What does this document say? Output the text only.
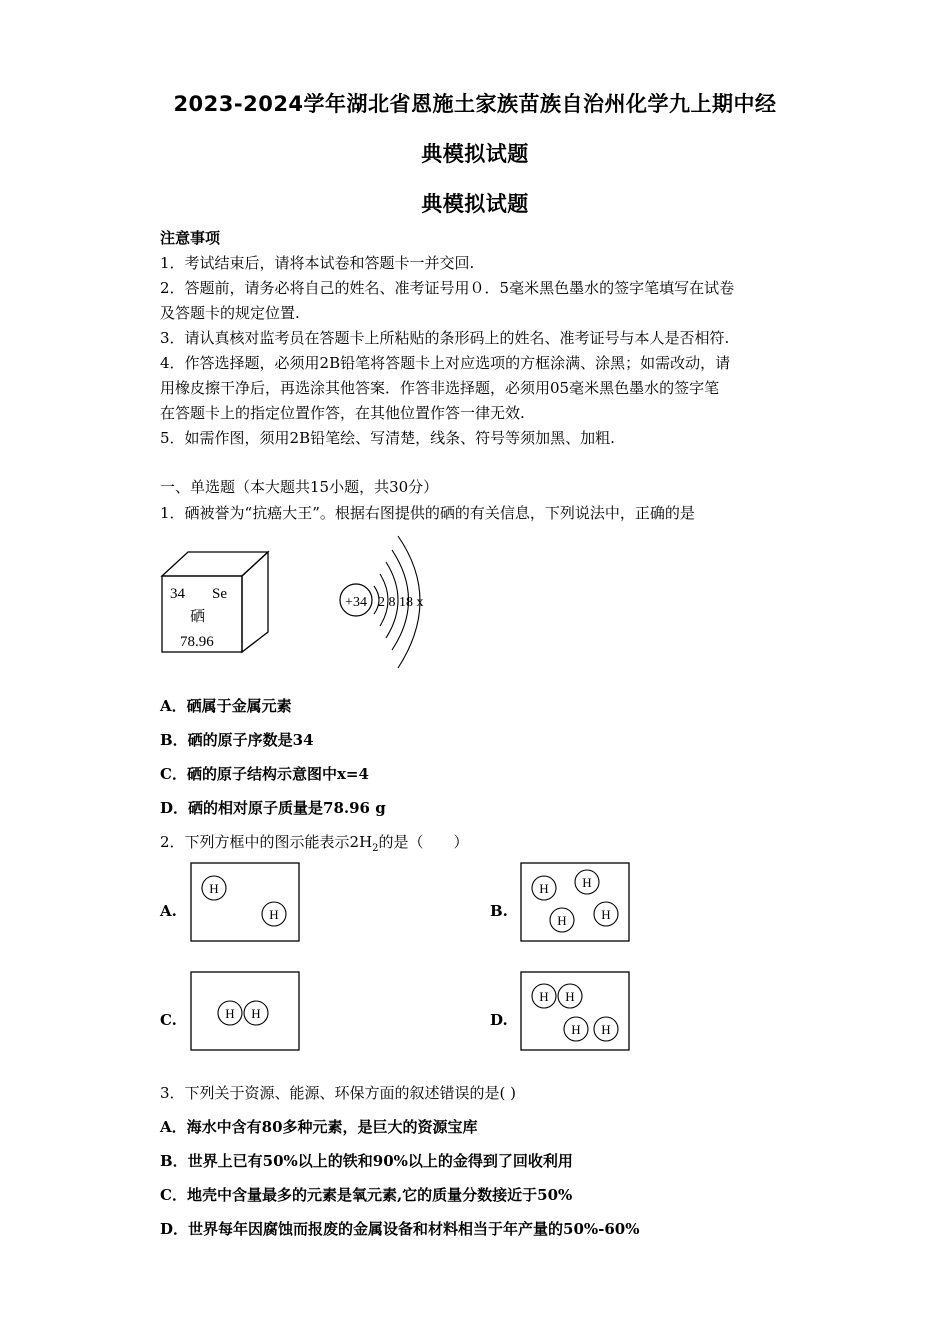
2023-2024学年湖北省恩施土家族苗族自治州化学九上期中经
典模拟试题
典模拟试题
注意事项
1．考试结束后，请将本试卷和答题卡一并交回.
2．答题前，请务必将自己的姓名、准考证号用０．5毫米黑色墨水的签字笔填写在试卷
及答题卡的规定位置.
3．请认真核对监考员在答题卡上所粘贴的条形码上的姓名、准考证号与本人是否相符.
4．作答选择题，必须用2B铅笔将答题卡上对应选项的方框涂满、涂黑；如需改动，请
用橡皮擦干净后，再选涂其他答案．作答非选择题，必须用05毫米黑色墨水的签字笔
在答题卡上的指定位置作答，在其他位置作答一律无效.
5．如需作图，须用2B铅笔绘、写清楚，线条、符号等须加黑、加粗.
一、单选题（本大题共15小题，共30分）
1．硒被誉为“抗癌大王”。根据右图提供的硒的有关信息，下列说法中，正确的是
34 Se
硒
78.96
+34 2 8 18 x
A．硒属于金属元素
B．硒的原子序数是34
C．硒的原子结构示意图中x=4
D．硒的相对原子质量是78.96 g
2．下列方框中的图示能表示$2H_2$的是（　　）
A.
H
H	B.
H	H
H	H
C.	H H	D.
H H
H H
3．下列关于资源、能源、环保方面的叙述错误的是( )
A．海水中含有80多种元素，是巨大的资源宝库
B．世界上已有50%以上的铁和90%以上的金得到了回收利用
C．地壳中含量最多的元素是氧元素,它的质量分数接近于50%
D．世界每年因腐蚀而报废的金属设备和材料相当于年产量的50%-60%
